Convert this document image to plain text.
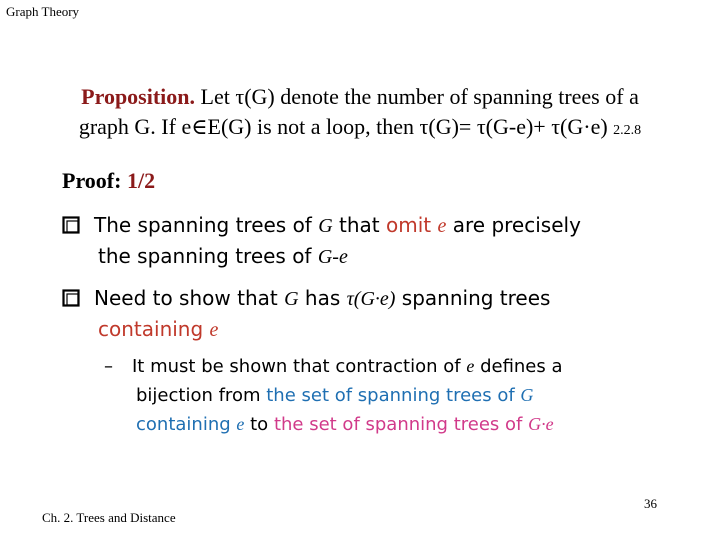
Graph Theory
Proposition. Let τ(G) denote the number of spanning trees of a
graph G. If e∈E(G) is not a loop, then τ(G)= τ(G-e)+ τ(G·e) 2.2.8
Proof: 1/2
The spanning trees of G that omit e are precisely
the spanning trees of G-e
Need to show that G has τ(G·e) spanning trees
containing e
– It must be shown that contraction of e defines a
bijection from the set of spanning trees of G
containing e to the set of spanning trees of G·e
Ch. 2. Trees and Distance
36
